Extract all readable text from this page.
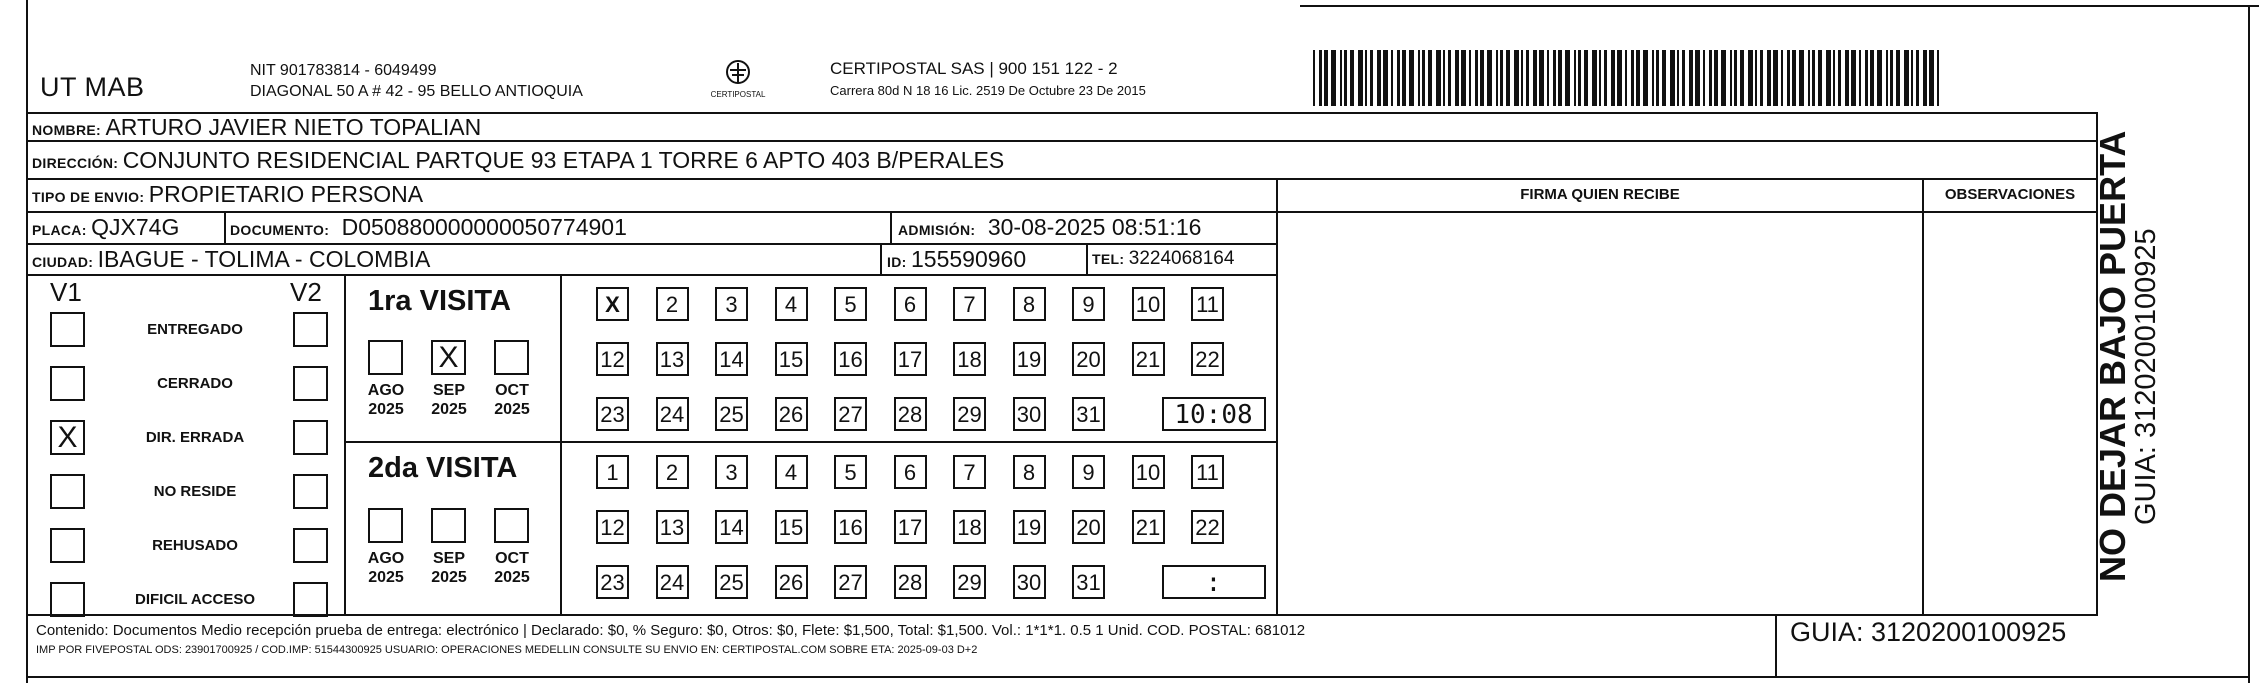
UT MAB
NIT 901783814 - 6049499
DIAGONAL 50 A # 42 - 95 BELLO ANTIOQUIA	CERTIPOSTAL
CERTIPOSTAL SAS | 900 151 122 - 2
Carrera 80d N 18 16 Lic. 2519 De Octubre 23 De 2015
NOMBRE: ARTURO JAVIER NIETO TOPALIAN
DIRECCIÓN: CONJUNTO RESIDENCIAL PARTQUE 93 ETAPA 1 TORRE 6 APTO 403 B/PERALES
TIPO DE ENVIO: PROPIETARIO PERSONA	FIRMA QUIEN RECIBE	OBSERVACIONES
PLACA: QJX74G	DOCUMENTO: D050880000000050774901	ADMISIÓN: 30-08-2025 08:51:16
CIUDAD: IBAGUE - TOLIMA - COLOMBIA	ID: 155590960	TEL: 3224068164
V1	V2
ENTREGADO
CERRADO
X	DIR. ERRADA
NO RESIDE
REHUSADO
DIFICIL ACCESO
1ra VISITA
AGO
2025
X
SEP
2025
OCT
2025
X	2	3	4	5	6	7	8	9	10 11
12 13 14 15 16 17 18 19 20 21 22
23 24 25 26 27 28 29 30 31	10:08
2da VISITA
AGO
2025
SEP
2025
OCT
2025
1	2	3	4	5	6	7	8	9	10 11
12 13 14 15 16 17 18 19 20 21 22
23 24 25 26 27 28 29 30 31	:
Contenido: Documentos Medio recepción prueba de entrega: electrónico | Declarado: $0, % Seguro: $0, Otros: $0, Flete: $1,500, Total: $1,500. Vol.: 1*1*1. 0.5 1 Unid. COD. POSTAL: 681012
IMP POR FIVEPOSTAL ODS: 23901700925 / COD.IMP: 51544300925 USUARIO: OPERACIONES MEDELLIN CONSULTE SU ENVIO EN: CERTIPOSTAL.COM SOBRE ETA: 2025-09-03 D+2
GUIA: 3120200100925
NO DEJAR BAJO PUERTA
GUIA: 3120200100925
